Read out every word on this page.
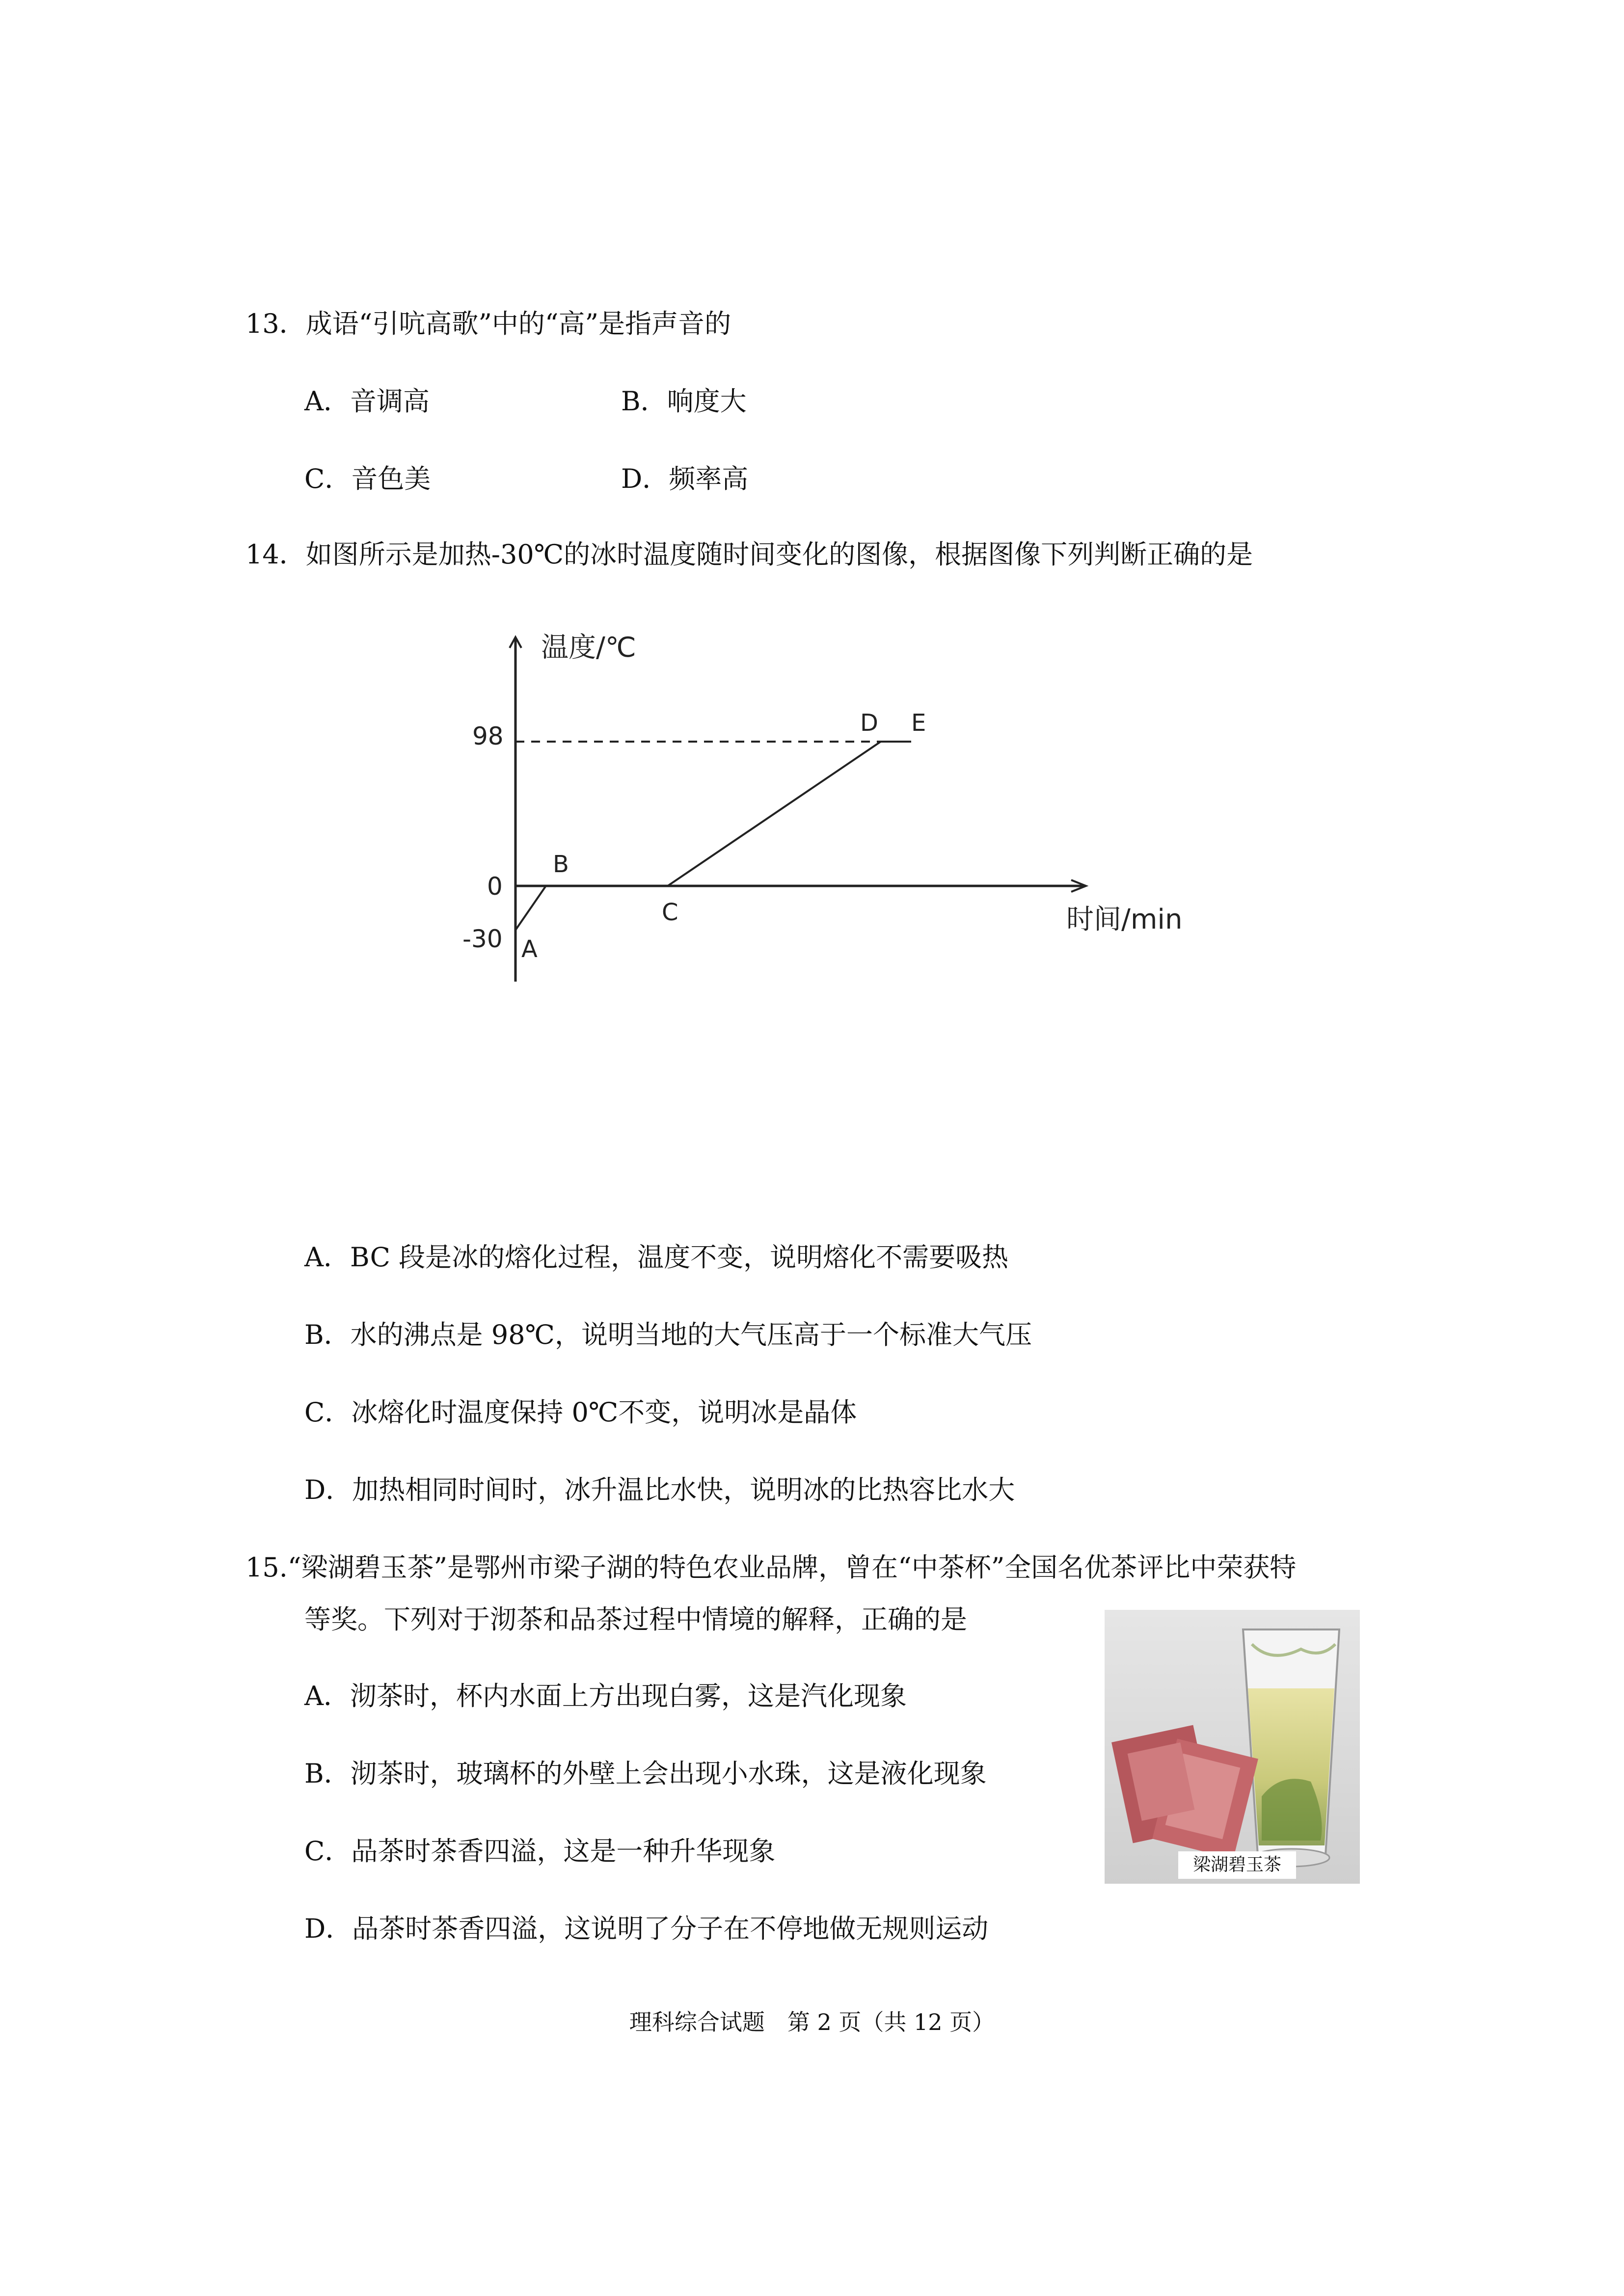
13．成语“引吭高歌”中的“高”是指声音的
A．音调高	B．响度大
C．音色美	D．频率高
14．如图所示是加热-30℃的冰时温度随时间变化的图像，根据图像下列判断正确的是
温度/℃
时间/min
98
0
-30 A
B
C
D E
A．BC 段是冰的熔化过程，温度不变，说明熔化不需要吸热
B．水的沸点是 98℃，说明当地的大气压高于一个标准大气压
C．冰熔化时温度保持 0℃不变，说明冰是晶体
D．加热相同时间时，冰升温比水快，说明冰的比热容比水大
15.“梁湖碧玉茶”是鄂州市梁子湖的特色农业品牌，曾在“中茶杯”全国名优茶评比中荣获特
等奖。下列对于沏茶和品茶过程中情境的解释，正确的是
A．沏茶时，杯内水面上方出现白雾，这是汽化现象
B．沏茶时，玻璃杯的外壁上会出现小水珠，这是液化现象
C．品茶时茶香四溢，这是一种升华现象
D．品茶时茶香四溢，这说明了分子在不停地做无规则运动
梁湖碧玉茶
理科综合试题　第 2 页（共 12 页）
